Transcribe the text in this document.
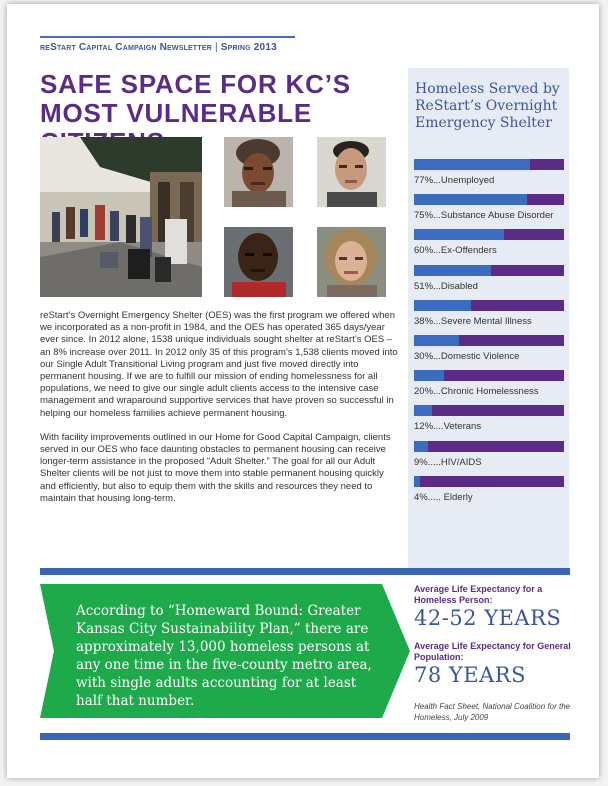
reStart Capital Campaign Newsletter | Spring 2013
SAFE SPACE FOR KC’S MOST VULNERABLE

reStart’s Overnight Emergency Shelter (OES) was the first program we offered when we incorporated as a non-profit in 1984, and the OES has operated 365 days/year ever since. In 2012 alone, 1538 unique individuals sought shelter at reStart’s OES – an 8% increase over 2011. In 2012 only 35 of this program’s 1,538 clients moved into our Single Adult Transitional Living program and just five moved directly into permanent housing. If we are to fulfill our mission of ending homelessness for all populations, we need to give our single adult clients access to the intensive case management and wraparound supportive services that have proven so successful in helping our homeless families achieve permanent housing.

With facility improvements outlined in our Home for Good Capital Campaign, clients served in our OES who face daunting obstacles to permanent housing can receive longer-term assistance in the proposed “Adult Shelter.” The goal for all our Adult Shelter clients will be not just to move them into stable permanent housing quickly and efficiently, but also to equip them with the skills and resources they need to maintain that housing long-term.

Homeless Served by ReStart’s Overnight Emergency Shelter
77%...Unemployed
75%...Substance Abuse Disorder
60%...Ex-Offenders
51%...Disabled
38%...Severe Mental Illness
30%...Domestic Violence
20%...Chronic Homelessness
12%....Veterans
9%.....HIV/AIDS
4%..... Elderly
According to “Homeward Bound: Greater Kansas City Sustainability Plan,” there are approximately 13,000 homeless persons at any one time in the five-county metro area, with single adults accounting for at least half that number.
Average Life Expectancy for a Homeless Person:
42-52 YEARS
Average Life Expectancy for General Population:
78 YEARS
Health Fact Sheet, National Coalition for the Homeless, July 2009
